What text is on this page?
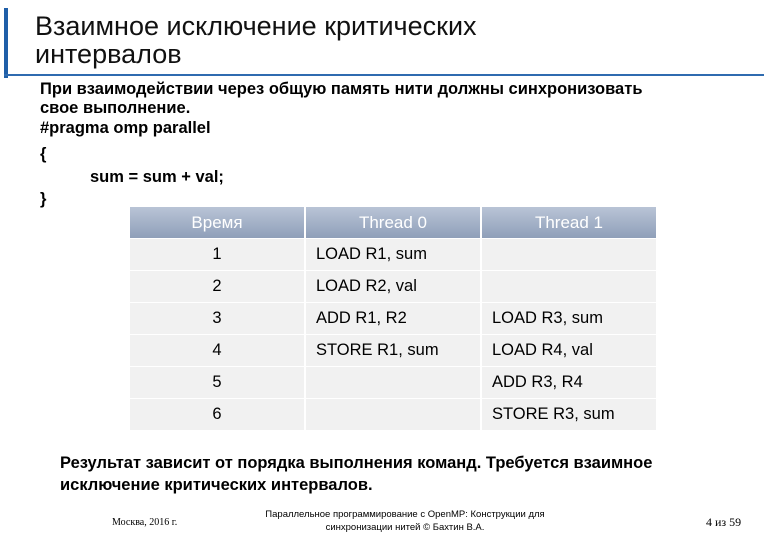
Взаимное исключение критических
интервалов
При взаимодействии через общую память нити должны синхронизовать
свое выполнение.
#pragma omp parallel
{
sum = sum + val;
}
Время	Thread 0	Thread 1
1	LOAD R1, sum	
2	LOAD R2, val	
3	ADD R1, R2	LOAD R3, sum
4	STORE R1, sum	LOAD R4, val
5		ADD R3, R4
6		STORE R3, sum
Результат зависит от порядка выполнения команд. Требуется взаимное
исключение критических интервалов.
Москва, 2016 г.
Параллельное программирование с OpenMP: Конструкции для
синхронизации нитей © Бахтин В.А.	4 из 59
